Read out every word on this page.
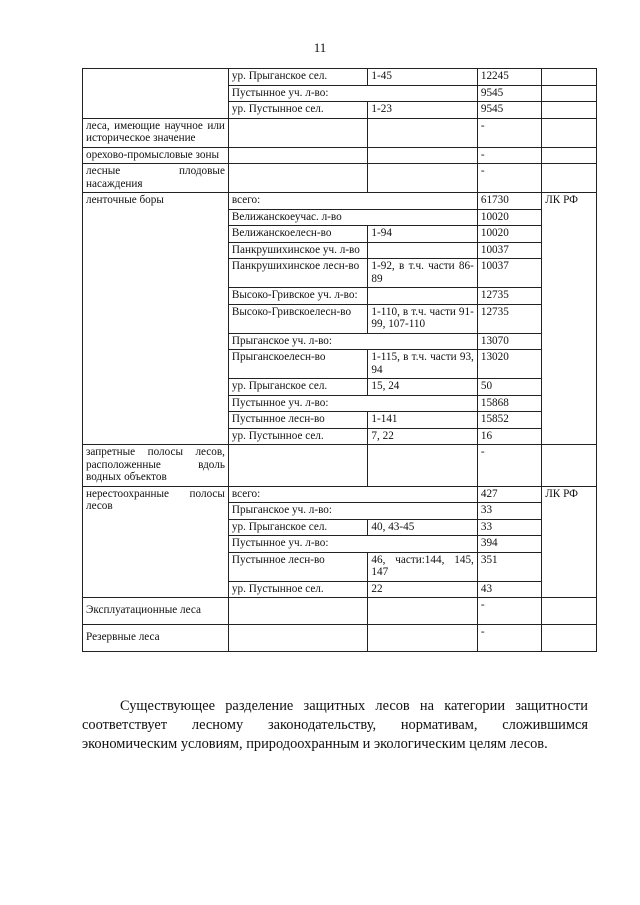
11
	ур. Прыганское сел.	1-45	12245	
	Пустынное уч. л-во:		9545	
	ур. Пустынное сел.	1-23	9545	
леса, имеющие научное или историческое значение			-	
орехово-промысловые зоны			-	
лесные плодовые насаждения			-	
ленточные боры	всего:		61730	ЛК РФ
	Велижанскоеучас. л-во		10020	
	Велижанскоелесн-во	1-94	10020	
	Панкрушихинское уч. л-во		10037	
	Панкрушихинское лесн-во	1-92, в т.ч. части 86-89	10037	
	Высоко-Гривское уч. л-во:		12735	
	Высоко-Гривскоелесн-во	1-110, в т.ч. части 91-99, 107-110	12735	
	Прыганское уч. л-во:		13070	
	Прыганскоелесн-во	1-115, в т.ч. части 93, 94	13020	
	ур. Прыганское сел.	15, 24	50	
	Пустынное уч. л-во:		15868	
	Пустынное лесн-во	1-141	15852	
	ур. Пустынное сел.	7, 22	16	
запретные полосы лесов, расположенные вдоль водных объектов			-	
нерестоохранные полосы лесов	всего:		427	ЛК РФ
	Прыганское уч. л-во:		33	
	ур. Прыганское сел.	40, 43-45	33	
	Пустынное уч. л-во:		394	
	Пустынное лесн-во	46, части:144, 145, 147	351	
	ур. Пустынное сел.	22	43	
Эксплуатационные леса			-	
Резервные леса			-	

Существующее разделение защитных лесов на категории защитности соответствует лесному законодательству, нормативам, сложившимся экономическим условиям, природоохранным и экологическим целям лесов.
